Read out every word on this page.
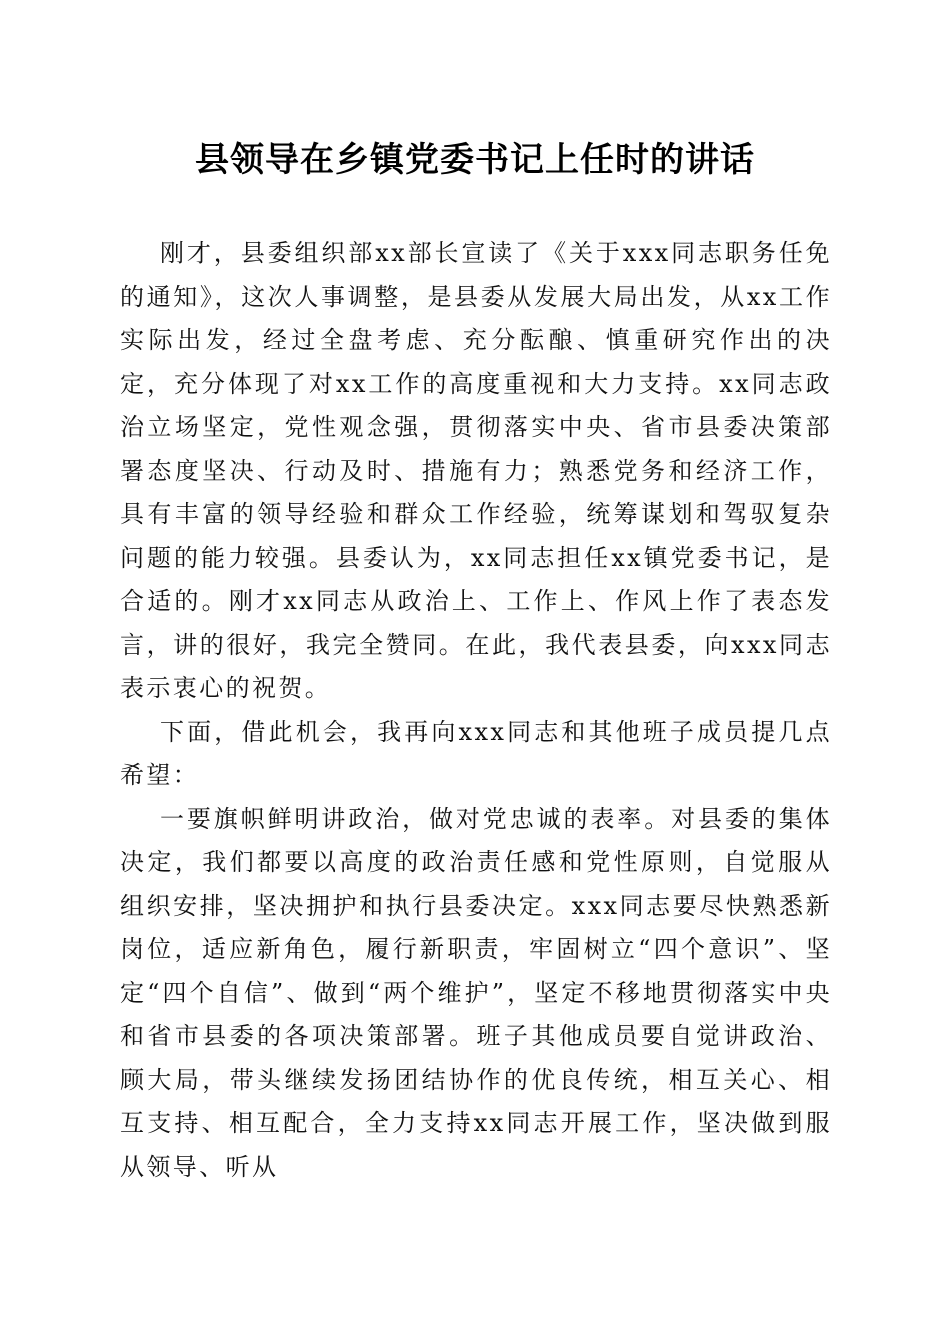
县领导在乡镇党委书记上任时的讲话

刚才，县委组织部xx部长宣读了《关于xxx同志职务任免的通知》，这次人事调整，是县委从发展大局出发，从xx工作实际出发，经过全盘考虑、充分酝酿、慎重研究作出的决定，充分体现了对xx工作的高度重视和大力支持。xx同志政治立场坚定，党性观念强，贯彻落实中央、省市县委决策部署态度坚决、行动及时、措施有力；熟悉党务和经济工作，具有丰富的领导经验和群众工作经验，统筹谋划和驾驭复杂问题的能力较强。县委认为，xx同志担任xx镇党委书记，是合适的。刚才xx同志从政治上、工作上、作风上作了表态发言，讲的很好，我完全赞同。在此，我代表县委，向xxx同志表示衷心的祝贺。

下面，借此机会，我再向xxx同志和其他班子成员提几点希望：

一要旗帜鲜明讲政治，做对党忠诚的表率。对县委的集体决定，我们都要以高度的政治责任感和党性原则，自觉服从组织安排，坚决拥护和执行县委决定。xxx同志要尽快熟悉新岗位，适应新角色，履行新职责，牢固树立“四个意识”、坚定“四个自信”、做到“两个维护”，坚定不移地贯彻落实中央和省市县委的各项决策部署。班子其他成员要自觉讲政治、顾大局，带头继续发扬团结协作的优良传统，相互关心、相互支持、相互配合，全力支持xx同志开展工作，坚决做到服从领导、听从
